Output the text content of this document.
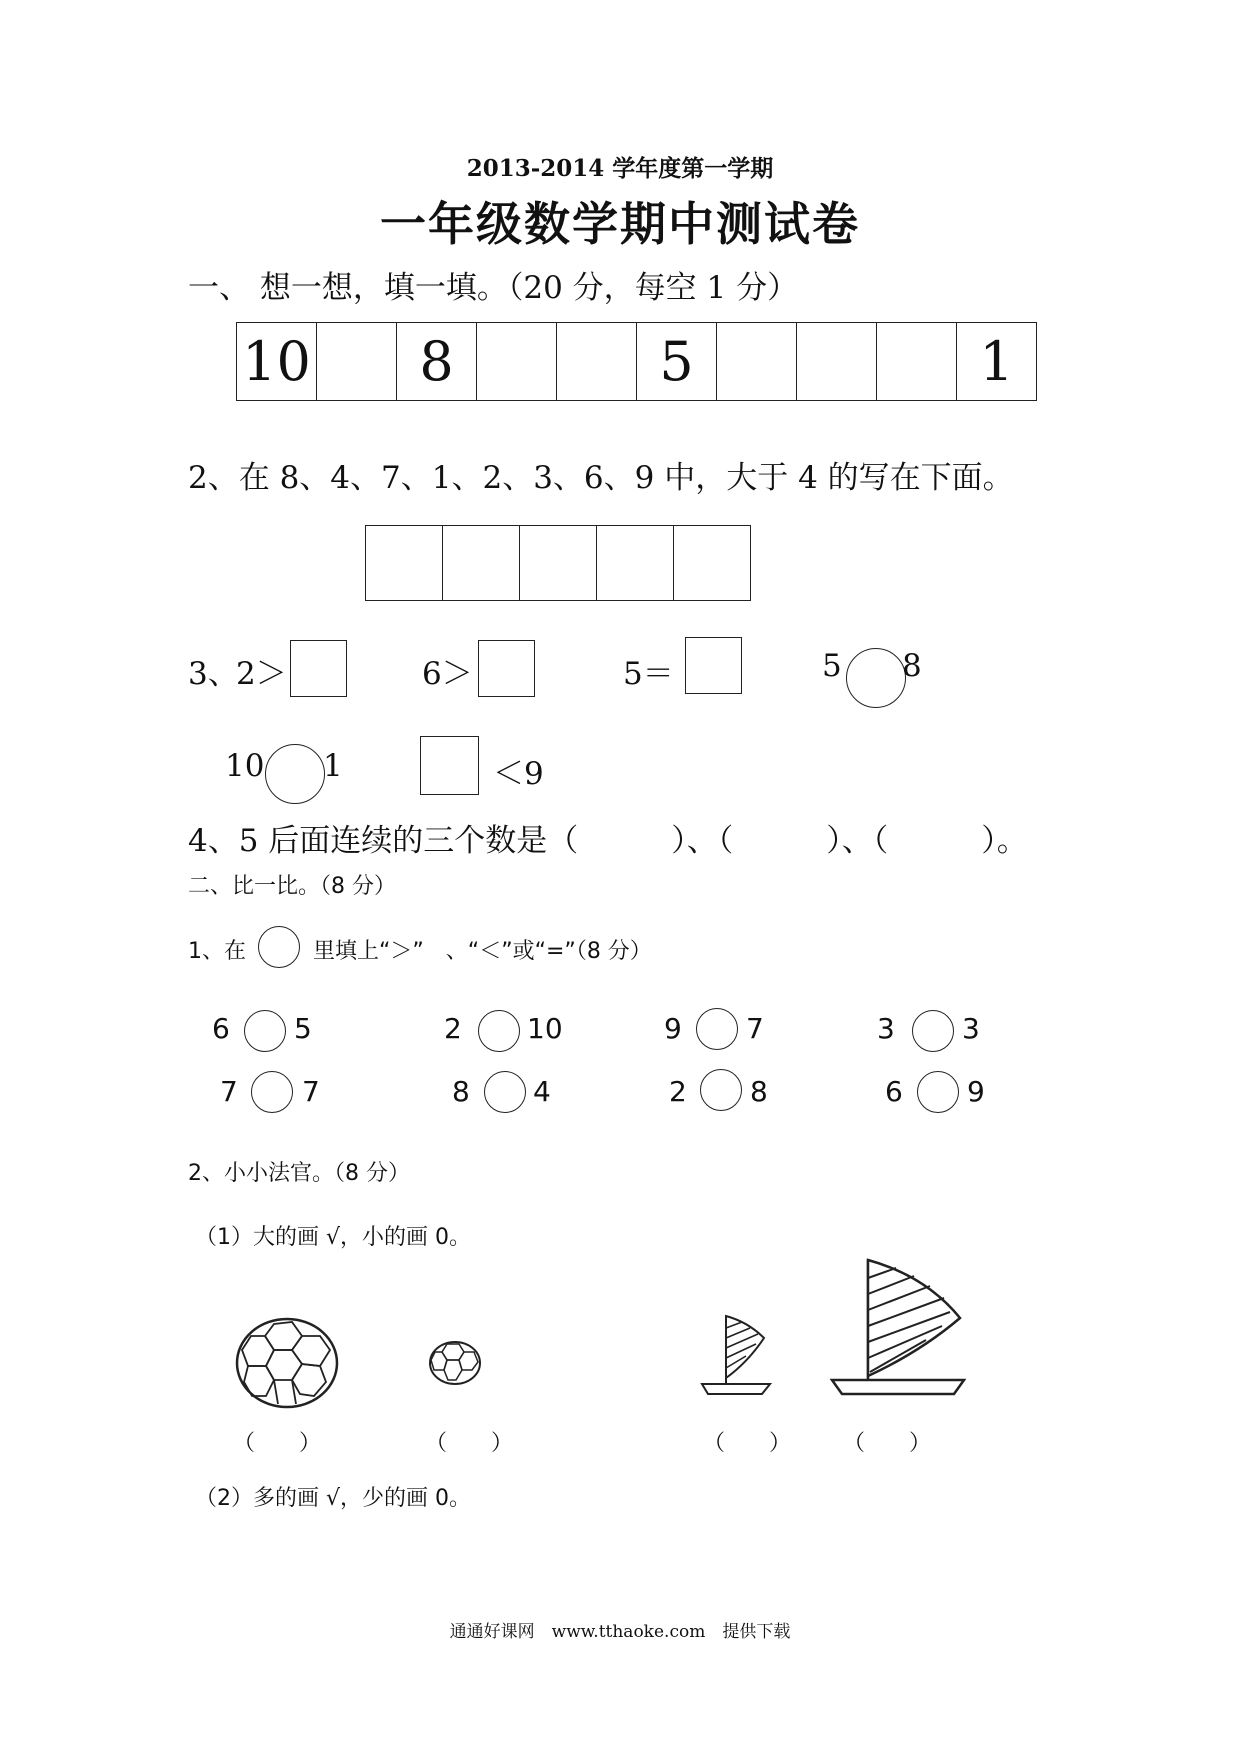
2013-2014 学年度第一学期
一年级数学期中测试卷
一、 想一想，填一填。（20 分，每空 1 分）
10		8			5				1
2、在 8、4、7、1、2、3、6、9 中，大于 4 的写在下面。

3、
2＞	6＞	5＝	5 8
10 1	＜9
4、5 后面连续的三个数是（　　　）、（　　　）、（　　　）。
二、比一比。（8 分）
1、在	里填上“＞”　、“＜”或“=”（8 分）
6 5	2 10	9 7	3 3
7 7	8 4	2 8	6 9
2、小小法官。（8 分）
（1）大的画 √，小的画 0。
（　　）	（　　）	（　　） （　　）
（2）多的画 √，少的画 0。
通通好课网　www.tthaoke.com　提供下载
